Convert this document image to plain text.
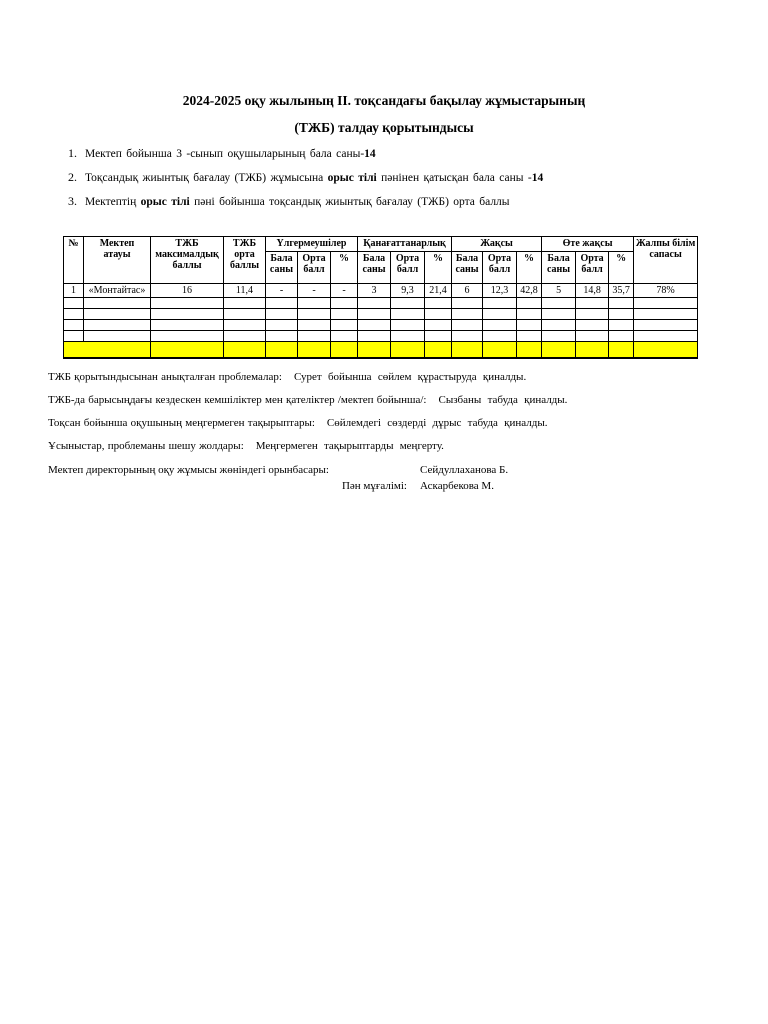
2024-2025 оқу жылының II. тоқсандағы бақылау жұмыстарының
(ТЖБ) талдау қорытындысы
1. Мектеп бойынша 3 -сынып оқушыларының бала саны-14
2. Тоқсандық жиынтық бағалау (ТЖБ) жұмысына орыс тілі пәнінен қатысқан бала саны -14
3. Мектептің орыс тілі пәні бойынша тоқсандық жиынтық бағалау (ТЖБ) орта баллы
№	Мектеп атауы	ТЖБ максималдық баллы	ТЖБ орта баллы	Үлгермеушілер			Қанағаттанарлық			Жақсы			Өте жақсы			Жалпы білім сапасы
				Бала саны	Орта балл	%	Бала саны	Орта балл	%	Бала саны	Орта балл	%	Бала саны	Орта балл	%	
1	«Монтайтас»	16	11,4	-	-	-	3	9,3	21,4	6	12,3	42,8	5	14,8	35,7	78%

ТЖБ қорытындысынан анықталған проблемалар: Сурет бойынша сөйлем құрастыруда қиналды.
ТЖБ-да барысыңдағы кездескен кемшіліктер мен қателіктер /мектеп бойынша/: Сызбаны табуда қиналды.
Тоқсан бойынша оқушының меңгермеген тақырыптары: Сөйлемдегі сөздерді дұрыс табуда қиналды.
Ұсыныстар, проблеманы шешу жолдары: Меңгермеген тақырыптарды меңгерту.
Мектеп директорының оқу жұмысы жөніндегі орынбасары:	Сейдуллаханова Б.
Пән мұғалімі:	Аскарбекова М.
